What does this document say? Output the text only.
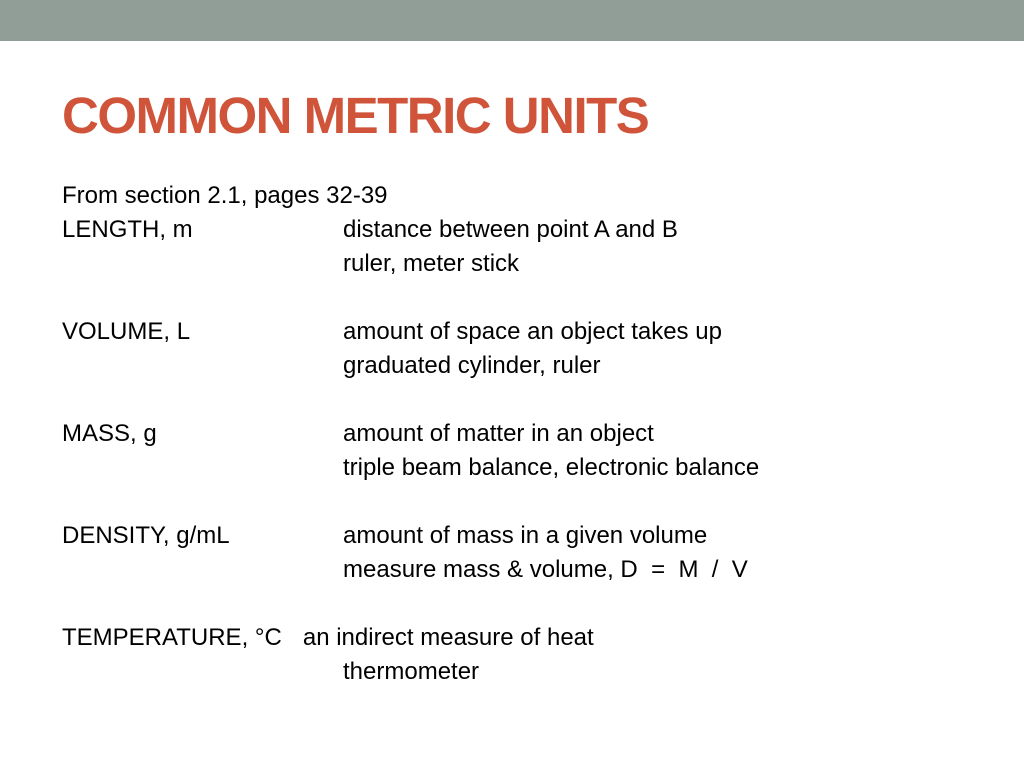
COMMON METRIC UNITS
From section 2.1, pages 32-39
LENGTH, m	distance between point A and B
ruler, meter stick
VOLUME, L	amount of space an object takes up
graduated cylinder, ruler
MASS, g	amount of matter in an object
triple beam balance, electronic balance
DENSITY, g/mL	amount of mass in a given volume
measure mass & volume, D  =  M  /  V
TEMPERATURE, °C an indirect measure of heat
thermometer
